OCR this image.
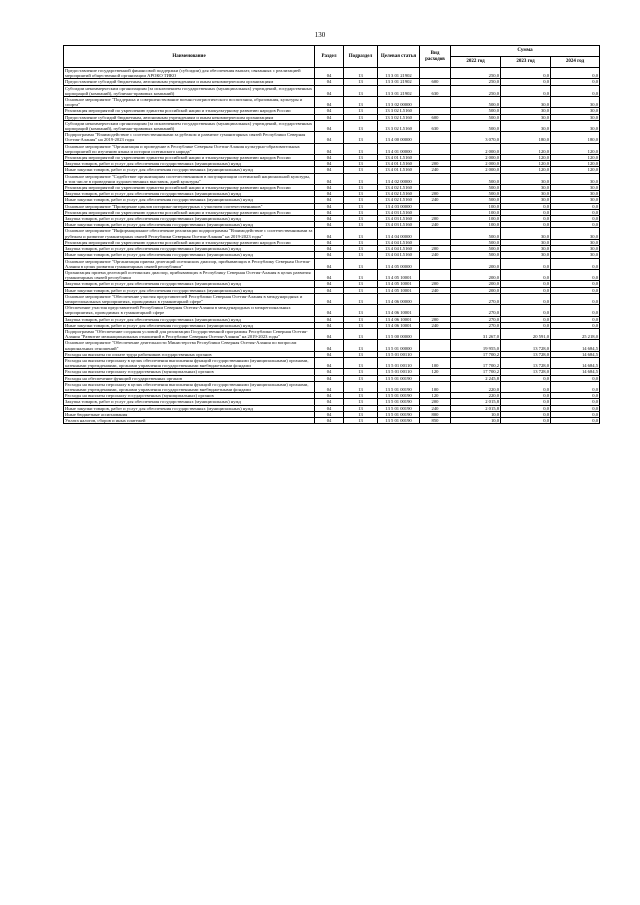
130
Наименование	Раздел	Подраздел	Целевая статья	Вид расходов	Сумма		
					2022 год	2023 год	2024 год
Предоставление государственной финансовой поддержки (субсидии) для обеспечения выплат, связанных с реализацией мероприятий общественной организации АРОКО ТИКО	04	13	13 3 01 21902		250,0	0,0	0,0
Предоставление субсидий бюджетным, автономным учреждениям и иным некоммерческим организациям	04	13	13 3 01 21902	600	250,0	0,0	0,0
Субсидии некоммерческим организациям (за исключением государственных (муниципальных) учреждений, государственных корпораций (компаний), публично-правовых компаний)	04	13	13 3 01 21902	630	250,0	0,0	0,0
Основное мероприятие "Поддержка и совершенствование военно-патриотического воспитания, образования, культуры и спорта"	04	13	13 3 02 00000		500,0	30,0	30,0
Реализация мероприятий по укреплению единства российской нации и этнокультурному развитию народов России	04	13	13 3 02 L5160		500,0	30,0	30,0
Предоставление субсидий бюджетным, автономным учреждениям и иным некоммерческим организациям	04	13	13 3 02 L5160	600	500,0	30,0	30,0
Субсидии некоммерческим организациям (за исключением государственных (муниципальных) учреждений, государственных корпораций (компаний), публично-правовых компаний)	04	13	13 3 02 L5160	630	500,0	30,0	30,0
Подпрограмма "Взаимодействие с соотечественниками за рубежом и развитие гуманитарных связей Республики Северная Осетия-Алания" на 2019-2023 годы	04	13	13 4 00 00000		3 070,0	180,0	180,0
Основное мероприятие "Организация и проведение в Республике Северная Осетия-Алания культурно-образовательных мероприятий по изучению языка и истории осетинского народа"	04	13	13 4 01 00000		2 000,0	120,0	120,0
Реализация мероприятий по укреплению единства российской нации и этнокультурному развитию народов России	04	13	13 4 01 L5160		2 000,0	120,0	120,0
Закупка товаров, работ и услуг для обеспечения государственных (муниципальных) нужд	04	13	13 4 01 L5160	200	2 000,0	120,0	120,0
Иные закупки товаров, работ и услуг для обеспечения государственных (муниципальных) нужд	04	13	13 4 01 L5160	240	2 000,0	120,0	120,0
Основное мероприятие "Содействие организациям соотечественников в популяризации осетинской национальной культуры, в том числе в проведении художественных выставок, дней культуры"	04	13	13 4 02 00000		500,0	30,0	30,0
Реализация мероприятий по укреплению единства российской нации и этнокультурному развитию народов России	04	13	13 4 02 L5160		500,0	30,0	30,0
Закупка товаров, работ и услуг для обеспечения государственных (муниципальных) нужд	04	13	13 4 02 L5160	200	500,0	30,0	30,0
Иные закупки товаров, работ и услуг для обеспечения государственных (муниципальных) нужд	04	13	13 4 02 L5160	240	500,0	30,0	30,0
Основное мероприятие "Проведение циклов историко-литературных с участием соотечественников"	04	13	13 4 03 00000		100,0	0,0	0,0
Реализация мероприятий по укреплению единства российской нации и этнокультурному развитию народов России	04	13	13 4 03 L5160		100,0	0,0	0,0
Закупка товаров, работ и услуг для обеспечения государственных (муниципальных) нужд	04	13	13 4 03 L5160	200	100,0	0,0	0,0
Иные закупки товаров, работ и услуг для обеспечения государственных (муниципальных) нужд	04	13	13 4 03 L5160	240	100,0	0,0	0,0
Основное мероприятие "Информационное обеспечение реализации подпрограммы "Взаимодействие с соотечественниками за рубежом и развитие гуманитарных связей Республики Северная Осетия-Алания" на 2019-2023 годы"	04	13	13 4 04 00000		500,0	30,0	30,0
Реализация мероприятий по укреплению единства российской нации и этнокультурному развитию народов России	04	13	13 4 04 L5160		500,0	30,0	30,0
Закупка товаров, работ и услуг для обеспечения государственных (муниципальных) нужд	04	13	13 4 04 L5160	200	500,0	30,0	30,0
Иные закупки товаров, работ и услуг для обеспечения государственных (муниципальных) нужд	04	13	13 4 04 L5160	240	500,0	30,0	30,0
Основное мероприятие "Организация приема делегаций осетинских диаспор, прибывающих в Республику Северная Осетия-Алания в целях развития гуманитарных связей республики"	04	13	13 4 05 00000		200,0	0,0	0,0
Организация приема делегаций осетинских диаспор, прибывающих в Республику Северная Осетия-Алания в целях развития гуманитарных связей республики	04	13	13 4 05 10001		200,0	0,0	0,0
Закупка товаров, работ и услуг для обеспечения государственных (муниципальных) нужд	04	13	13 4 05 10001	200	200,0	0,0	0,0
Иные закупки товаров, работ и услуг для обеспечения государственных (муниципальных) нужд	04	13	13 4 05 10001	240	200,0	0,0	0,0
Основное мероприятие "Обеспечение участия представителей Республики Северная Осетия-Алания в международных и межрегиональных мероприятиях, проводимых в гуманитарной сфере"	04	13	13 4 06 00000		270,0	0,0	0,0
Обеспечение участия представителей Республики Северная Осетия-Алания в международных и межрегиональных мероприятиях, проводимых в гуманитарной сфере	04	13	13 4 06 10001		270,0	0,0	0,0
Закупка товаров, работ и услуг для обеспечения государственных (муниципальных) нужд	04	13	13 4 06 10001	200	270,0	0,0	0,0
Иные закупки товаров, работ и услуг для обеспечения государственных (муниципальных) нужд	04	13	13 4 06 10001	240	270,0	0,0	0,0
Подпрограмма "Обеспечение создания условий для реализации Государственной программы Республики Северная Осетия-Алания "Развитие межнациональных отношений в Республике Северная Осетия-Алания" на 2019-2023 годы"	04	13	13 5 00 00000		31 267,0	20 591,0	25 218,0
Основное мероприятие "Обеспечение деятельности Министерства Республики Северная Осетия-Алания по вопросам национальных отношений"	04	13	13 5 01 00000		19 955,0	13 728,0	14 684,5
Расходы на выплаты по оплате труда работников государственных органов	04	13	13 5 01 00110		17 700,2	13 728,0	14 684,5
Расходы на выплаты персоналу в целях обеспечения выполнения функций государственными (муниципальными) органами, казенными учреждениями, органами управления государственными внебюджетными фондами	04	13	13 5 01 00110	100	17 700,2	13 728,0	14 684,5
Расходы на выплаты персоналу государственных (муниципальных) органов	04	13	13 5 01 00110	120	17 700,2	13 728,0	14 684,5
Расходы на обеспечение функций государственных органов	04	13	13 5 01 00190		2 245,8	0,0	0,0
Расходы на выплаты персоналу в целях обеспечения выполнения функций государственными (муниципальными) органами, казенными учреждениями, органами управления государственными внебюджетными фондами	04	13	13 5 01 00190	100	220,0	0,0	0,0
Расходы на выплаты персоналу государственных (муниципальных) органов	04	13	13 5 01 00190	120	220,0	0,0	0,0
Закупка товаров, работ и услуг для обеспечения государственных (муниципальных) нужд	04	13	13 5 01 00190	200	2 015,8	0,0	0,0
Иные закупки товаров, работ и услуг для обеспечения государственных (муниципальных) нужд	04	13	13 5 01 00190	240	2 015,8	0,0	0,0
Иные бюджетные ассигнования	04	13	13 5 01 00190	800	10,0	0,0	0,0
Уплата налогов, сборов и иных платежей	04	13	13 5 01 00190	850	10,0	0,0	0,0
